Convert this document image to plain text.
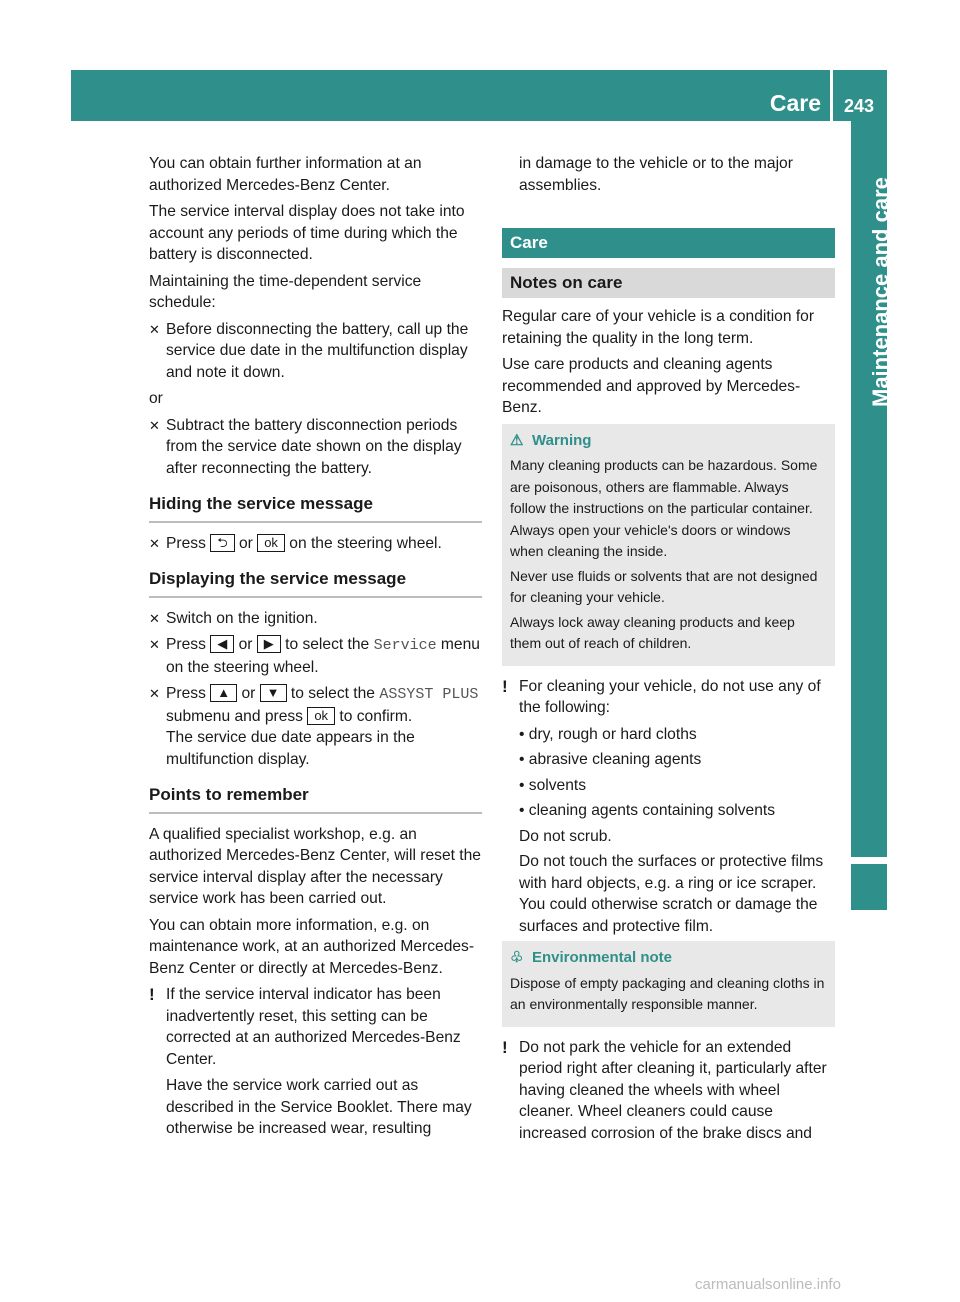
Care 243
Maintenance and care

You can obtain further information at an authorized Mercedes-Benz Center.

The service interval display does not take into account any periods of time during which the battery is disconnected.

Maintaining the time-dependent service schedule:

✕ Before disconnecting the battery, call up the service due date in the multifunction display and note it down.

or

✕ Subtract the battery disconnection periods from the service date shown on the display after reconnecting the battery.
Hiding the service message
✕ Press ⮌ or ok on the steering wheel.
Displaying the service message
✕ Switch on the ignition.
✕ Press ◀ or ▶ to select the Service menu on the steering wheel.
✕ Press ▲ or ▼ to select the ASSYST PLUS submenu and press ok to confirm.
The service due date appears in the multifunction display.
Points to remember

A qualified specialist workshop, e.g. an authorized Mercedes-Benz Center, will reset the service interval display after the necessary service work has been carried out.

You can obtain more information, e.g. on maintenance work, at an authorized Mercedes-Benz Center or directly at Mercedes-Benz.

! If the service interval indicator has been inadvertently reset, this setting can be corrected at an authorized Mercedes-Benz Center.
Have the service work carried out as described in the Service Booklet. There may otherwise be increased wear, resulting
in damage to the vehicle or to the major assemblies.
Care
Notes on care

Regular care of your vehicle is a condition for retaining the quality in the long term.

Use care products and cleaning agents recommended and approved by Mercedes-Benz.

⚠ Warning

Many cleaning products can be hazardous. Some are poisonous, others are flammable. Always follow the instructions on the particular container. Always open your vehicle's doors or windows when cleaning the inside.

Never use fluids or solvents that are not designed for cleaning your vehicle.

Always lock away cleaning products and keep them out of reach of children.

! For cleaning your vehicle, do not use any of the following:
• dry, rough or hard cloths
• abrasive cleaning agents
• solvents
• cleaning agents containing solvents
Do not scrub.
Do not touch the surfaces or protective films with hard objects, e.g. a ring or ice scraper. You could otherwise scratch or damage the surfaces and protective film.
♧ Environmental note

Dispose of empty packaging and cleaning cloths in an environmentally responsible manner.

! Do not park the vehicle for an extended period right after cleaning it, particularly after having cleaned the wheels with wheel cleaner. Wheel cleaners could cause increased corrosion of the brake discs and
carmanualsonline.info
